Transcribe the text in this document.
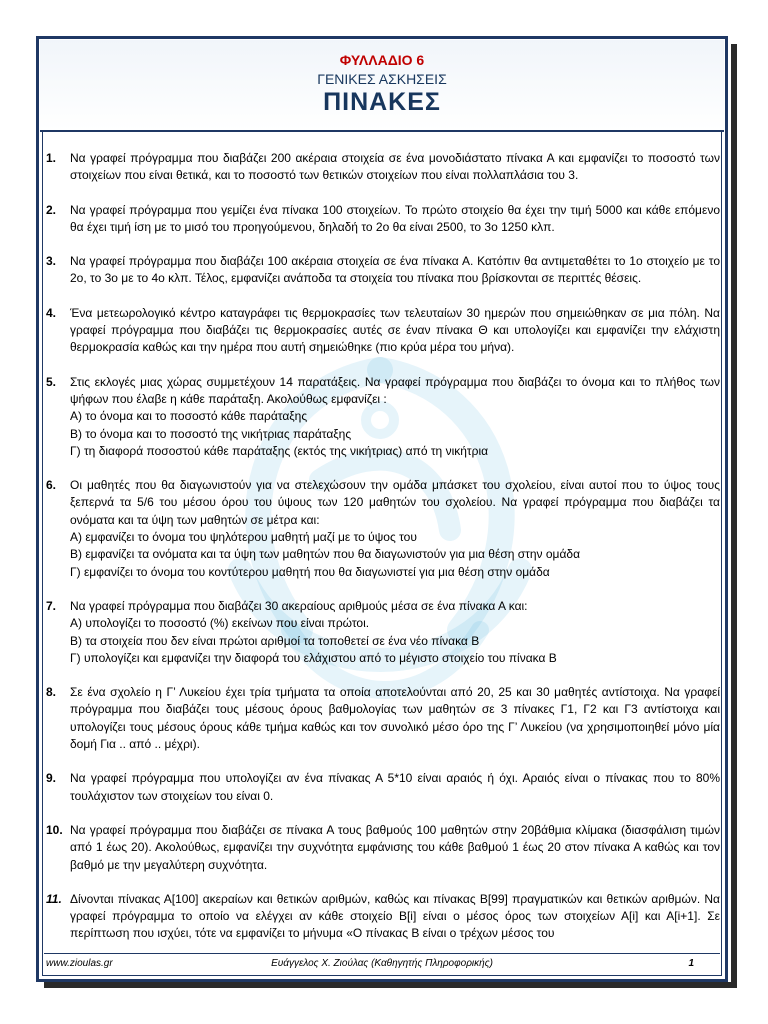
ΦΥΛΛΑΔΙΟ 6
ΓΕΝΙΚΕΣ ΑΣΚΗΣΕΙΣ
ΠΙΝΑΚΕΣ
1. Να γραφεί πρόγραμμα που διαβάζει 200 ακέραια στοιχεία σε ένα μονοδιάστατο πίνακα Α και εμφανίζει το ποσοστό των στοιχείων που είναι θετικά, και το ποσοστό των θετικών στοιχείων που είναι πολλαπλάσια του 3.
2. Να γραφεί πρόγραμμα που γεμίζει ένα πίνακα 100 στοιχείων. Το πρώτο στοιχείο θα έχει την τιμή 5000 και κάθε επόμενο θα έχει τιμή ίση με το μισό του προηγούμενου, δηλαδή το 2ο θα είναι 2500, το 3ο 1250 κλπ.
3. Να γραφεί πρόγραμμα που διαβάζει 100 ακέραια στοιχεία σε ένα πίνακα Α. Κατόπιν θα αντιμεταθέτει το 1ο στοιχείο με το 2ο, το 3ο με το 4ο κλπ. Τέλος, εμφανίζει ανάποδα τα στοιχεία του πίνακα που βρίσκονται σε περιττές θέσεις.
4. Ένα μετεωρολογικό κέντρο καταγράφει τις θερμοκρασίες των τελευταίων 30 ημερών που σημειώθηκαν σε μια πόλη. Να γραφεί πρόγραμμα που διαβάζει τις θερμοκρασίες αυτές σε έναν πίνακα Θ και υπολογίζει και εμφανίζει την ελάχιστη θερμοκρασία καθώς και την ημέρα που αυτή σημειώθηκε (πιο κρύα μέρα του μήνα).
5. Στις εκλογές μιας χώρας συμμετέχουν 14 παρατάξεις. Να γραφεί πρόγραμμα που διαβάζει το όνομα και το πλήθος των ψήφων που έλαβε η κάθε παράταξη. Ακολούθως εμφανίζει :
Α) το όνομα και το ποσοστό κάθε παράταξης
Β) το όνομα και το ποσοστό της νικήτριας παράταξης
Γ) τη διαφορά ποσοστού κάθε παράταξης (εκτός της νικήτριας) από τη νικήτρια
6. Οι μαθητές που θα διαγωνιστούν για να στελεχώσουν την ομάδα μπάσκετ του σχολείου, είναι αυτοί που το ύψος τους ξεπερνά τα 5/6 του μέσου όρου του ύψους των 120 μαθητών του σχολείου. Να γραφεί πρόγραμμα που διαβάζει τα ονόματα και τα ύψη των μαθητών σε μέτρα και:
Α) εμφανίζει το όνομα του ψηλότερου μαθητή μαζί με το ύψος του
Β) εμφανίζει τα ονόματα και τα ύψη των μαθητών που θα διαγωνιστούν για μια θέση στην ομάδα
Γ) εμφανίζει το όνομα του κοντύτερου μαθητή που θα διαγωνιστεί για μια θέση στην ομάδα
7. Να γραφεί πρόγραμμα που διαβάζει 30 ακεραίους αριθμούς μέσα σε ένα πίνακα Α και:
Α) υπολογίζει το ποσοστό (%) εκείνων που είναι πρώτοι.
Β) τα στοιχεία που δεν είναι πρώτοι αριθμοί τα τοποθετεί σε ένα νέο πίνακα Β
Γ) υπολογίζει και εμφανίζει την διαφορά του ελάχιστου από το μέγιστο στοιχείο του πίνακα Β
8. Σε ένα σχολείο η Γ’ Λυκείου έχει τρία τμήματα τα οποία αποτελούνται από 20, 25 και 30 μαθητές αντίστοιχα. Να γραφεί πρόγραμμα που διαβάζει τους μέσους όρους βαθμολογίας των μαθητών σε 3 πίνακες Γ1, Γ2 και Γ3 αντίστοιχα και υπολογίζει τους μέσους όρους κάθε τμήμα καθώς και τον συνολικό μέσο όρο της Γ’ Λυκείου (να χρησιμοποιηθεί μόνο μία δομή Για .. από .. μέχρι).
9. Να γραφεί πρόγραμμα που υπολογίζει αν ένα πίνακας Α 5*10 είναι αραιός ή όχι. Αραιός είναι ο πίνακας που το 80% τουλάχιστον των στοιχείων του είναι 0.
10. Να γραφεί πρόγραμμα που διαβάζει σε πίνακα Α τους βαθμούς 100 μαθητών στην 20βάθμια κλίμακα (διασφάλιση τιμών από 1 έως 20). Ακολούθως, εμφανίζει την συχνότητα εμφάνισης του κάθε βαθμού 1 έως 20 στον πίνακα Α καθώς και τον βαθμό με την μεγαλύτερη συχνότητα.
11. Δίνονται πίνακας Α[100] ακεραίων και θετικών αριθμών, καθώς και πίνακας Β[99] πραγματικών και θετικών αριθμών. Να γραφεί πρόγραμμα το οποίο να ελέγχει αν κάθε στοιχείο Β[i] είναι ο μέσος όρος των στοιχείων Α[i] και Α[i+1]. Σε περίπτωση που ισχύει, τότε να εμφανίζει το μήνυμα «Ο πίνακας Β είναι ο τρέχων μέσος του
www.zioulas.gr	Ευάγγελος Χ. Ζιούλας (Καθηγητής Πληροφορικής)	1
